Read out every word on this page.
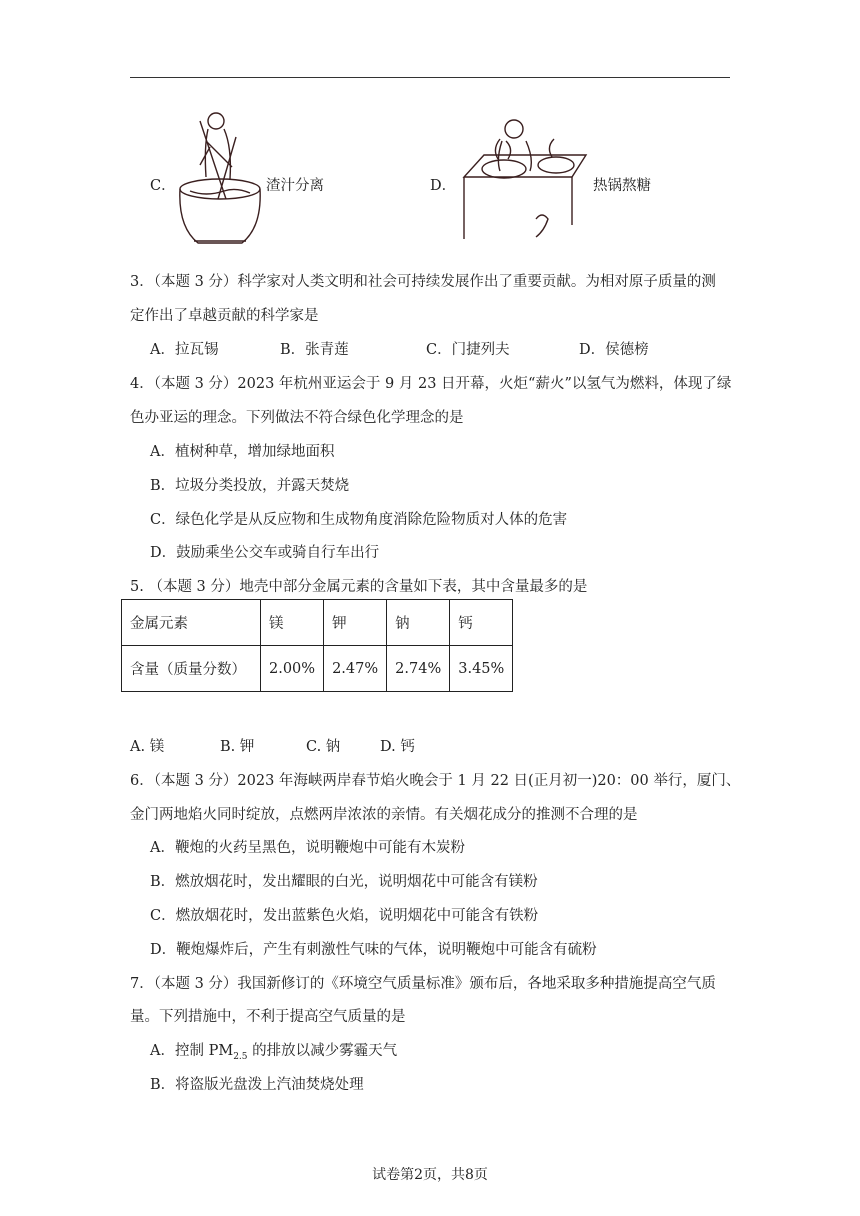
C．	渣汁分离	D．	热锅熬糖
3．（本题 3 分）科学家对人类文明和社会可持续发展作出了重要贡献。为相对原子质量的测
定作出了卓越贡献的科学家是
A．拉瓦锡	B．张青莲	C．门捷列夫	D．侯德榜
4．（本题 3 分）2023 年杭州亚运会于 9 月 23 日开幕，火炬“薪火”以氢气为燃料，体现了绿
色办亚运的理念。下列做法不符合绿色化学理念的是
A．植树种草，增加绿地面积
B．垃圾分类投放，并露天焚烧
C．绿色化学是从反应物和生成物角度消除危险物质对人体的危害
D．鼓励乘坐公交车或骑自行车出行
5. （本题 3 分）地壳中部分金属元素的含量如下表，其中含量最多的是
金属元素	镁	钾	钠	钙
含量（质量分数）	2.00%	2.47%	2.74%	3.45%
A. 镁	B. 钾	C. 钠	D. 钙
6．（本题 3 分）2023 年海峡两岸春节焰火晚会于 1 月 22 日(正月初一)20：00 举行，厦门、
金门两地焰火同时绽放，点燃两岸浓浓的亲情。有关烟花成分的推测不合理的是
A．鞭炮的火药呈黑色，说明鞭炮中可能有木炭粉
B．燃放烟花时，发出耀眼的白光，说明烟花中可能含有镁粉
C．燃放烟花时，发出蓝紫色火焰，说明烟花中可能含有铁粉
D．鞭炮爆炸后，产生有刺激性气味的气体，说明鞭炮中可能含有硫粉
7．（本题 3 分）我国新修订的《环境空气质量标准》颁布后，各地采取多种措施提高空气质
量。下列措施中，不利于提高空气质量的是
A．控制 $PM_{2.5}$ 的排放以减少雾霾天气
B．将盗版光盘泼上汽油焚烧处理
试卷第2页，共8页
